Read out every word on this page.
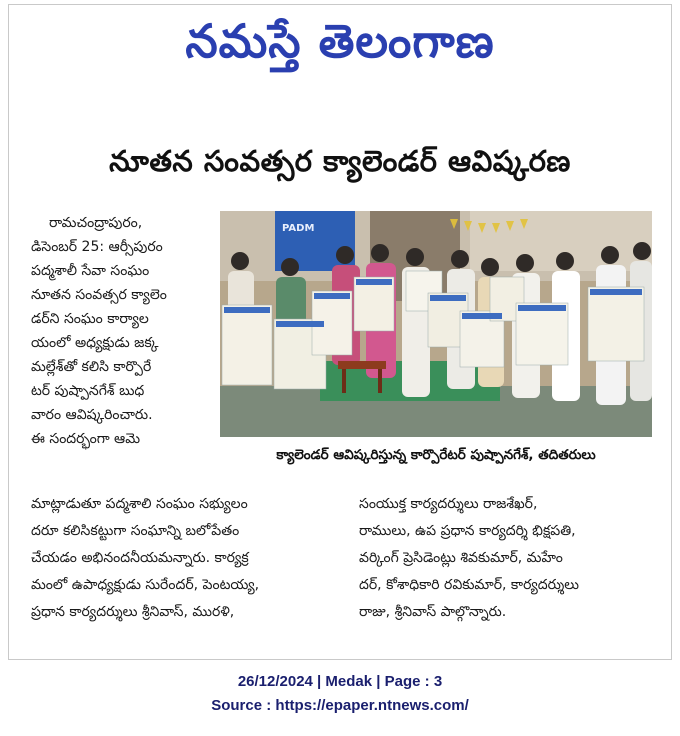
నమస్తే తెలంగాణ
నూతన సంవత్సర క్యాలెండర్ ఆవిష్కరణ
రామచంద్రాపురం,
డిసెంబర్ 25: ఆర్సీపురం
పద్మశాలీ సేవా సంఘం
నూతన సంవత్సర క్యాలెం
డర్‌ని సంఘం కార్యాల
యంలో అధ్యక్షుడు జక్క
మల్లేశ్‌తో కలిసి కార్పొరే
టర్ పుష్పానగేశ్ బుధ
వారం ఆవిష్కరించారు.
ఈ సందర్భంగా ఆమె
PADM
క్యాలెండర్ ఆవిష్కరిస్తున్న కార్పొరేటర్ పుష్పానగేశ్, తదితరులు
మాట్లాడుతూ పద్మశాలి సంఘం సభ్యులం
దరూ కలిసికట్టుగా సంఘాన్ని బలోపేతం
చేయడం అభినందనీయమన్నారు. కార్యక్ర
మంలో ఉపాధ్యక్షుడు సురేందర్, పెంటయ్య,
ప్రధాన కార్యదర్శులు శ్రీనివాస్, మురళి,
సంయుక్త కార్యదర్శులు రాజశేఖర్,
రాములు, ఉప ప్రధాన కార్యదర్శి భిక్షపతి,
వర్కింగ్ ప్రెసిడెంట్లు శివకుమార్, మహేం
దర్, కోశాధికారి రవికుమార్, కార్యదర్శులు
రాజు, శ్రీనివాస్ పాల్గొన్నారు.
26/12/2024 | Medak | Page : 3
Source : https://epaper.ntnews.com/
